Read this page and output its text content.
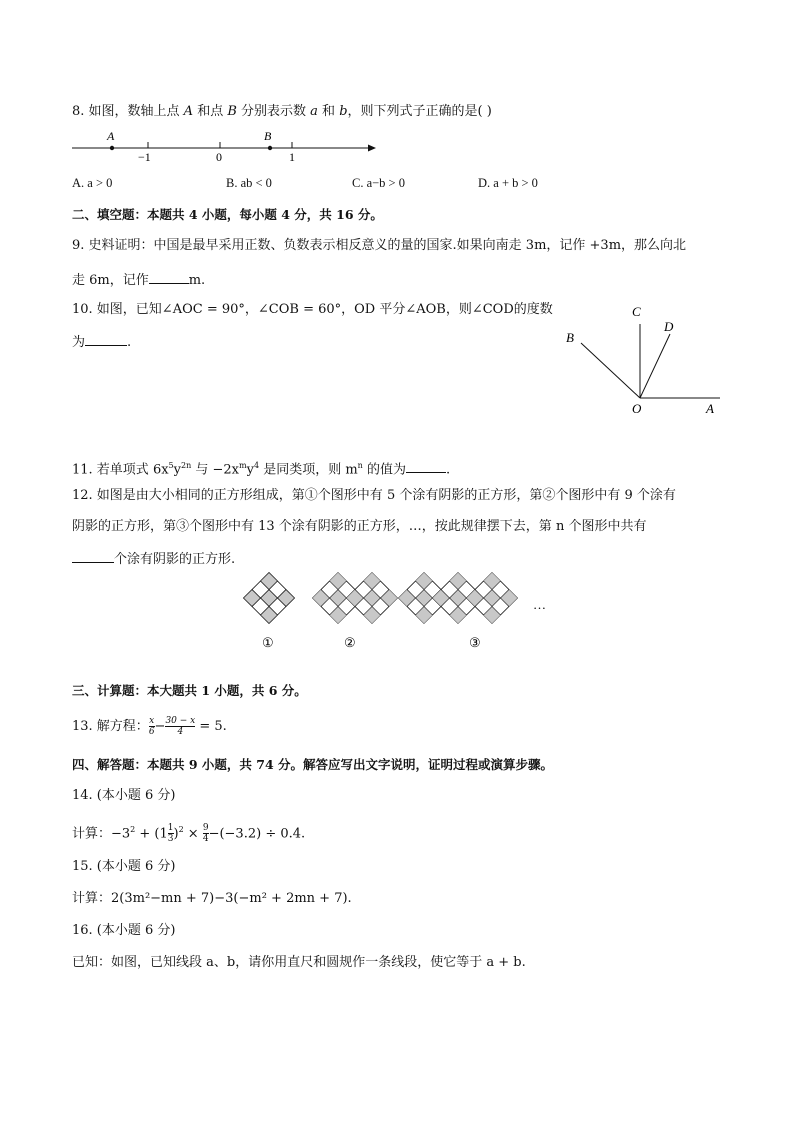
8. 如图，数轴上点 A 和点 B 分别表示数 a 和 b，则下列式子正确的是( )
A	B
−1	0	1
A. a > 0	B. ab < 0	C. a−b > 0	D. a + b > 0
二、填空题：本题共 4 小题，每小题 4 分，共 16 分。
9. 史料证明：中国是最早采用正数、负数表示相反意义的量的国家.如果向南走 3m，记作 +3m，那么向北
走 6m，记作	m.
10. 如图，已知∠AOC = 90°，∠COB = 60°，OD 平分∠AOB，则∠COD的度数
为	.
C
D
B
O	A
11. 若单项式 $6x^5y^{2n}$ 与 $-2x^my^4$ 是同类项，则 $m^n$ 的值为	.
12. 如图是由大小相同的正方形组成，第①个图形中有 5 个涂有阴影的正方形，第②个图形中有 9 个涂有
阴影的正方形，第③个图形中有 13 个涂有阴影的正方形，…，按此规律摆下去，第 n 个图形中共有
个涂有阴影的正方形.
…
①	②	③
三、计算题：本大题共 1 小题，共 6 分。
13. 解方程： $\frac{x}{6} - \frac{30 - x}{4} = 5$.
四、解答题：本题共 9 小题，共 74 分。解答应写出文字说明，证明过程或演算步骤。
14. (本小题 6 分)
计算：$-3^2 + (1 \frac{1}{3} )^2 \times \frac{9}{4} -(-3.2) \div 0.4$.
15. (本小题 6 分)
计算：2(3m²−mn + 7)−3(−m² + 2mn + 7).
16. (本小题 6 分)
已知：如图，已知线段 a、b，请你用直尺和圆规作一条线段，使它等于 a + b.
